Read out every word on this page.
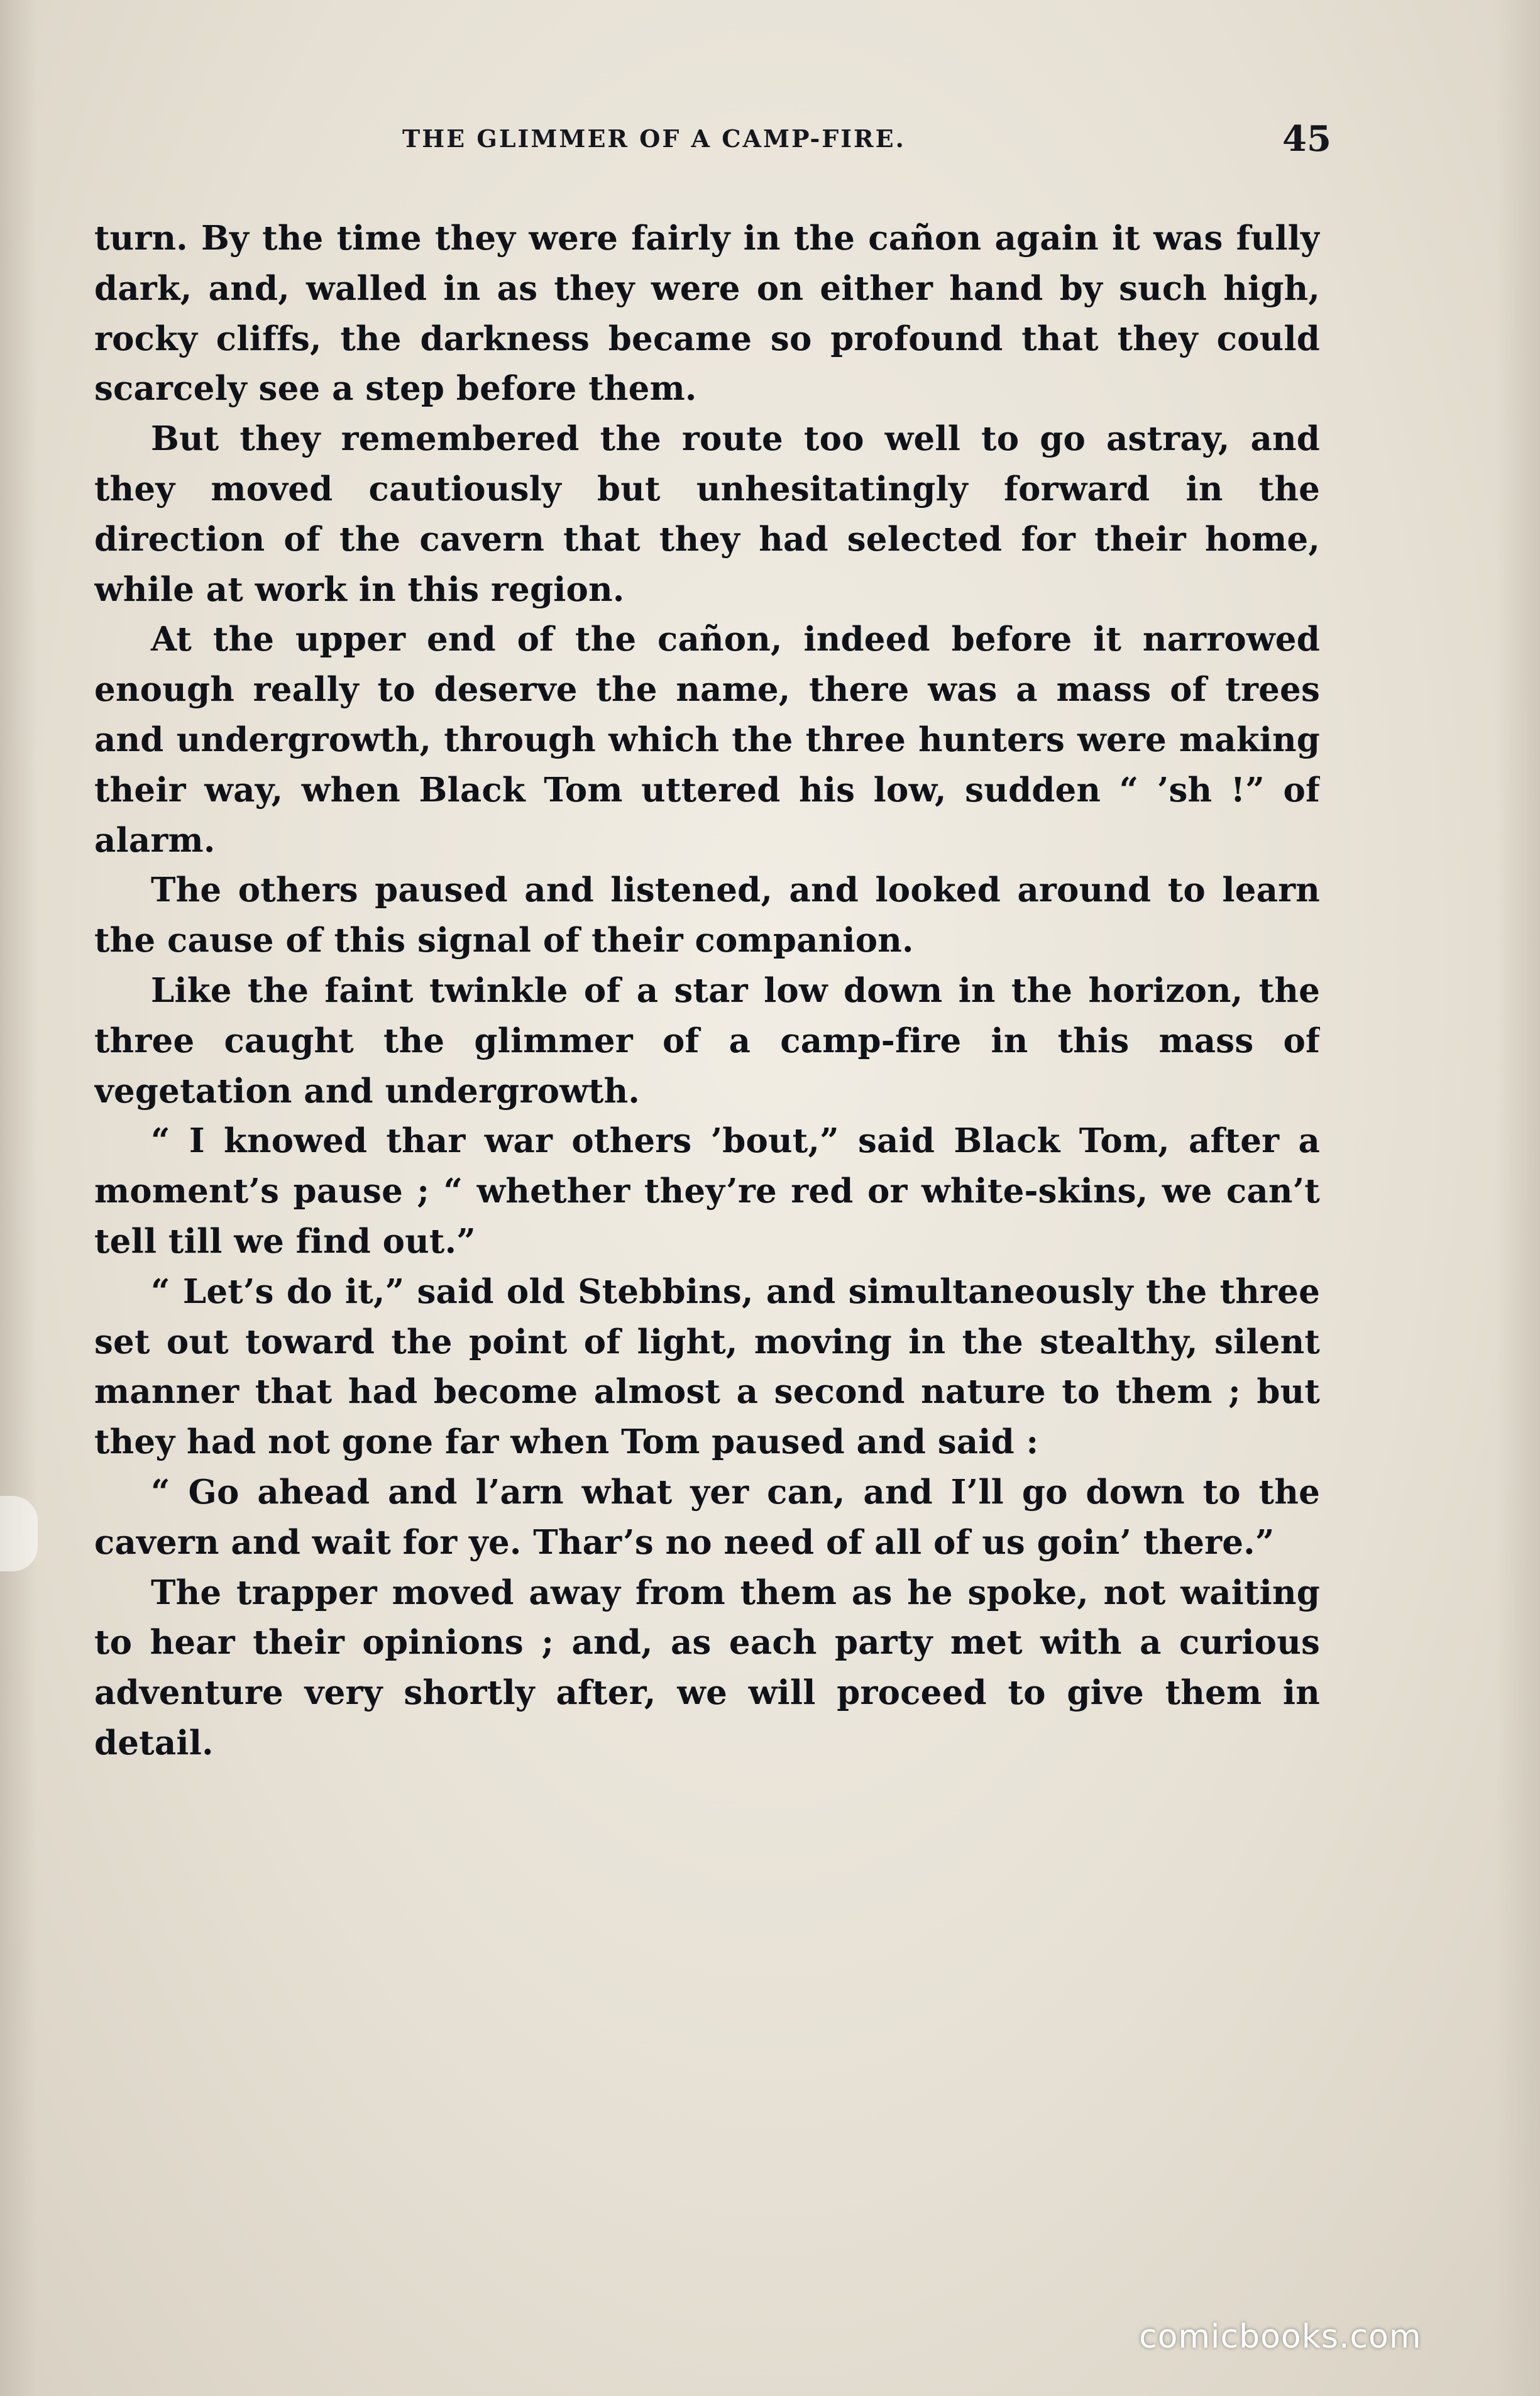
THE GLIMMER OF A CAMP-FIRE.	45

turn. By the time they were fairly in the cañon again it was fully dark, and, walled in as they were on either hand by such high, rocky cliffs, the darkness became so profound that they could scarcely see a step before them.

But they remembered the route too well to go astray, and they moved cautiously but unhesitatingly forward in the direction of the cavern that they had selected for their home, while at work in this region.

At the upper end of the cañon, indeed before it narrowed enough really to deserve the name, there was a mass of trees and undergrowth, through which the three hunters were making their way, when Black Tom uttered his low, sudden “ ’sh !” of alarm.

The others paused and listened, and looked around to learn the cause of this signal of their companion.

Like the faint twinkle of a star low down in the horizon, the three caught the glimmer of a camp-fire in this mass of vegetation and undergrowth.

“ I knowed thar war others ’bout,” said Black Tom, after a moment’s pause ; “ whether they’re red or white-skins, we can’t tell till we find out.”

“ Let’s do it,” said old Stebbins, and simultaneously the three set out toward the point of light, moving in the stealthy, silent manner that had become almost a second nature to them ; but they had not gone far when Tom paused and said :

“ Go ahead and l’arn what yer can, and I’ll go down to the cavern and wait for ye. Thar’s no need of all of us goin’ there.”

The trapper moved away from them as he spoke, not waiting to hear their opinions ; and, as each party met with a curious adventure very shortly after, we will proceed to give them in detail.

comicbooks.com
